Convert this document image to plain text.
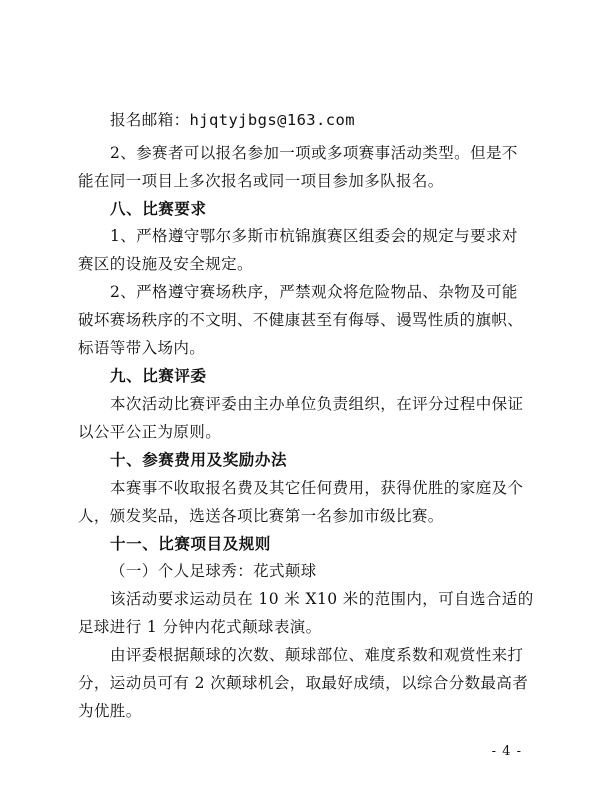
报名邮箱：hjqtyjbgs@163.com
2、参赛者可以报名参加一项或多项赛事活动类型。但是不
能在同一项目上多次报名或同一项目参加多队报名。
八、比赛要求
1、严格遵守鄂尔多斯市杭锦旗赛区组委会的规定与要求对
赛区的设施及安全规定。
2、严格遵守赛场秩序，严禁观众将危险物品、杂物及可能
破坏赛场秩序的不文明、不健康甚至有侮辱、谩骂性质的旗帜、
标语等带入场内。
九、比赛评委
本次活动比赛评委由主办单位负责组织，在评分过程中保证
以公平公正为原则。
十、参赛费用及奖励办法
本赛事不收取报名费及其它任何费用，获得优胜的家庭及个
人，颁发奖品，选送各项比赛第一名参加市级比赛。
十一、比赛项目及规则
（一）个人足球秀：花式颠球
该活动要求运动员在 10 米 X10 米的范围内，可自选合适的
足球进行 1 分钟内花式颠球表演。
由评委根据颠球的次数、颠球部位、难度系数和观赏性来打
分，运动员可有 2 次颠球机会，取最好成绩，以综合分数最高者
为优胜。
- 4 -
